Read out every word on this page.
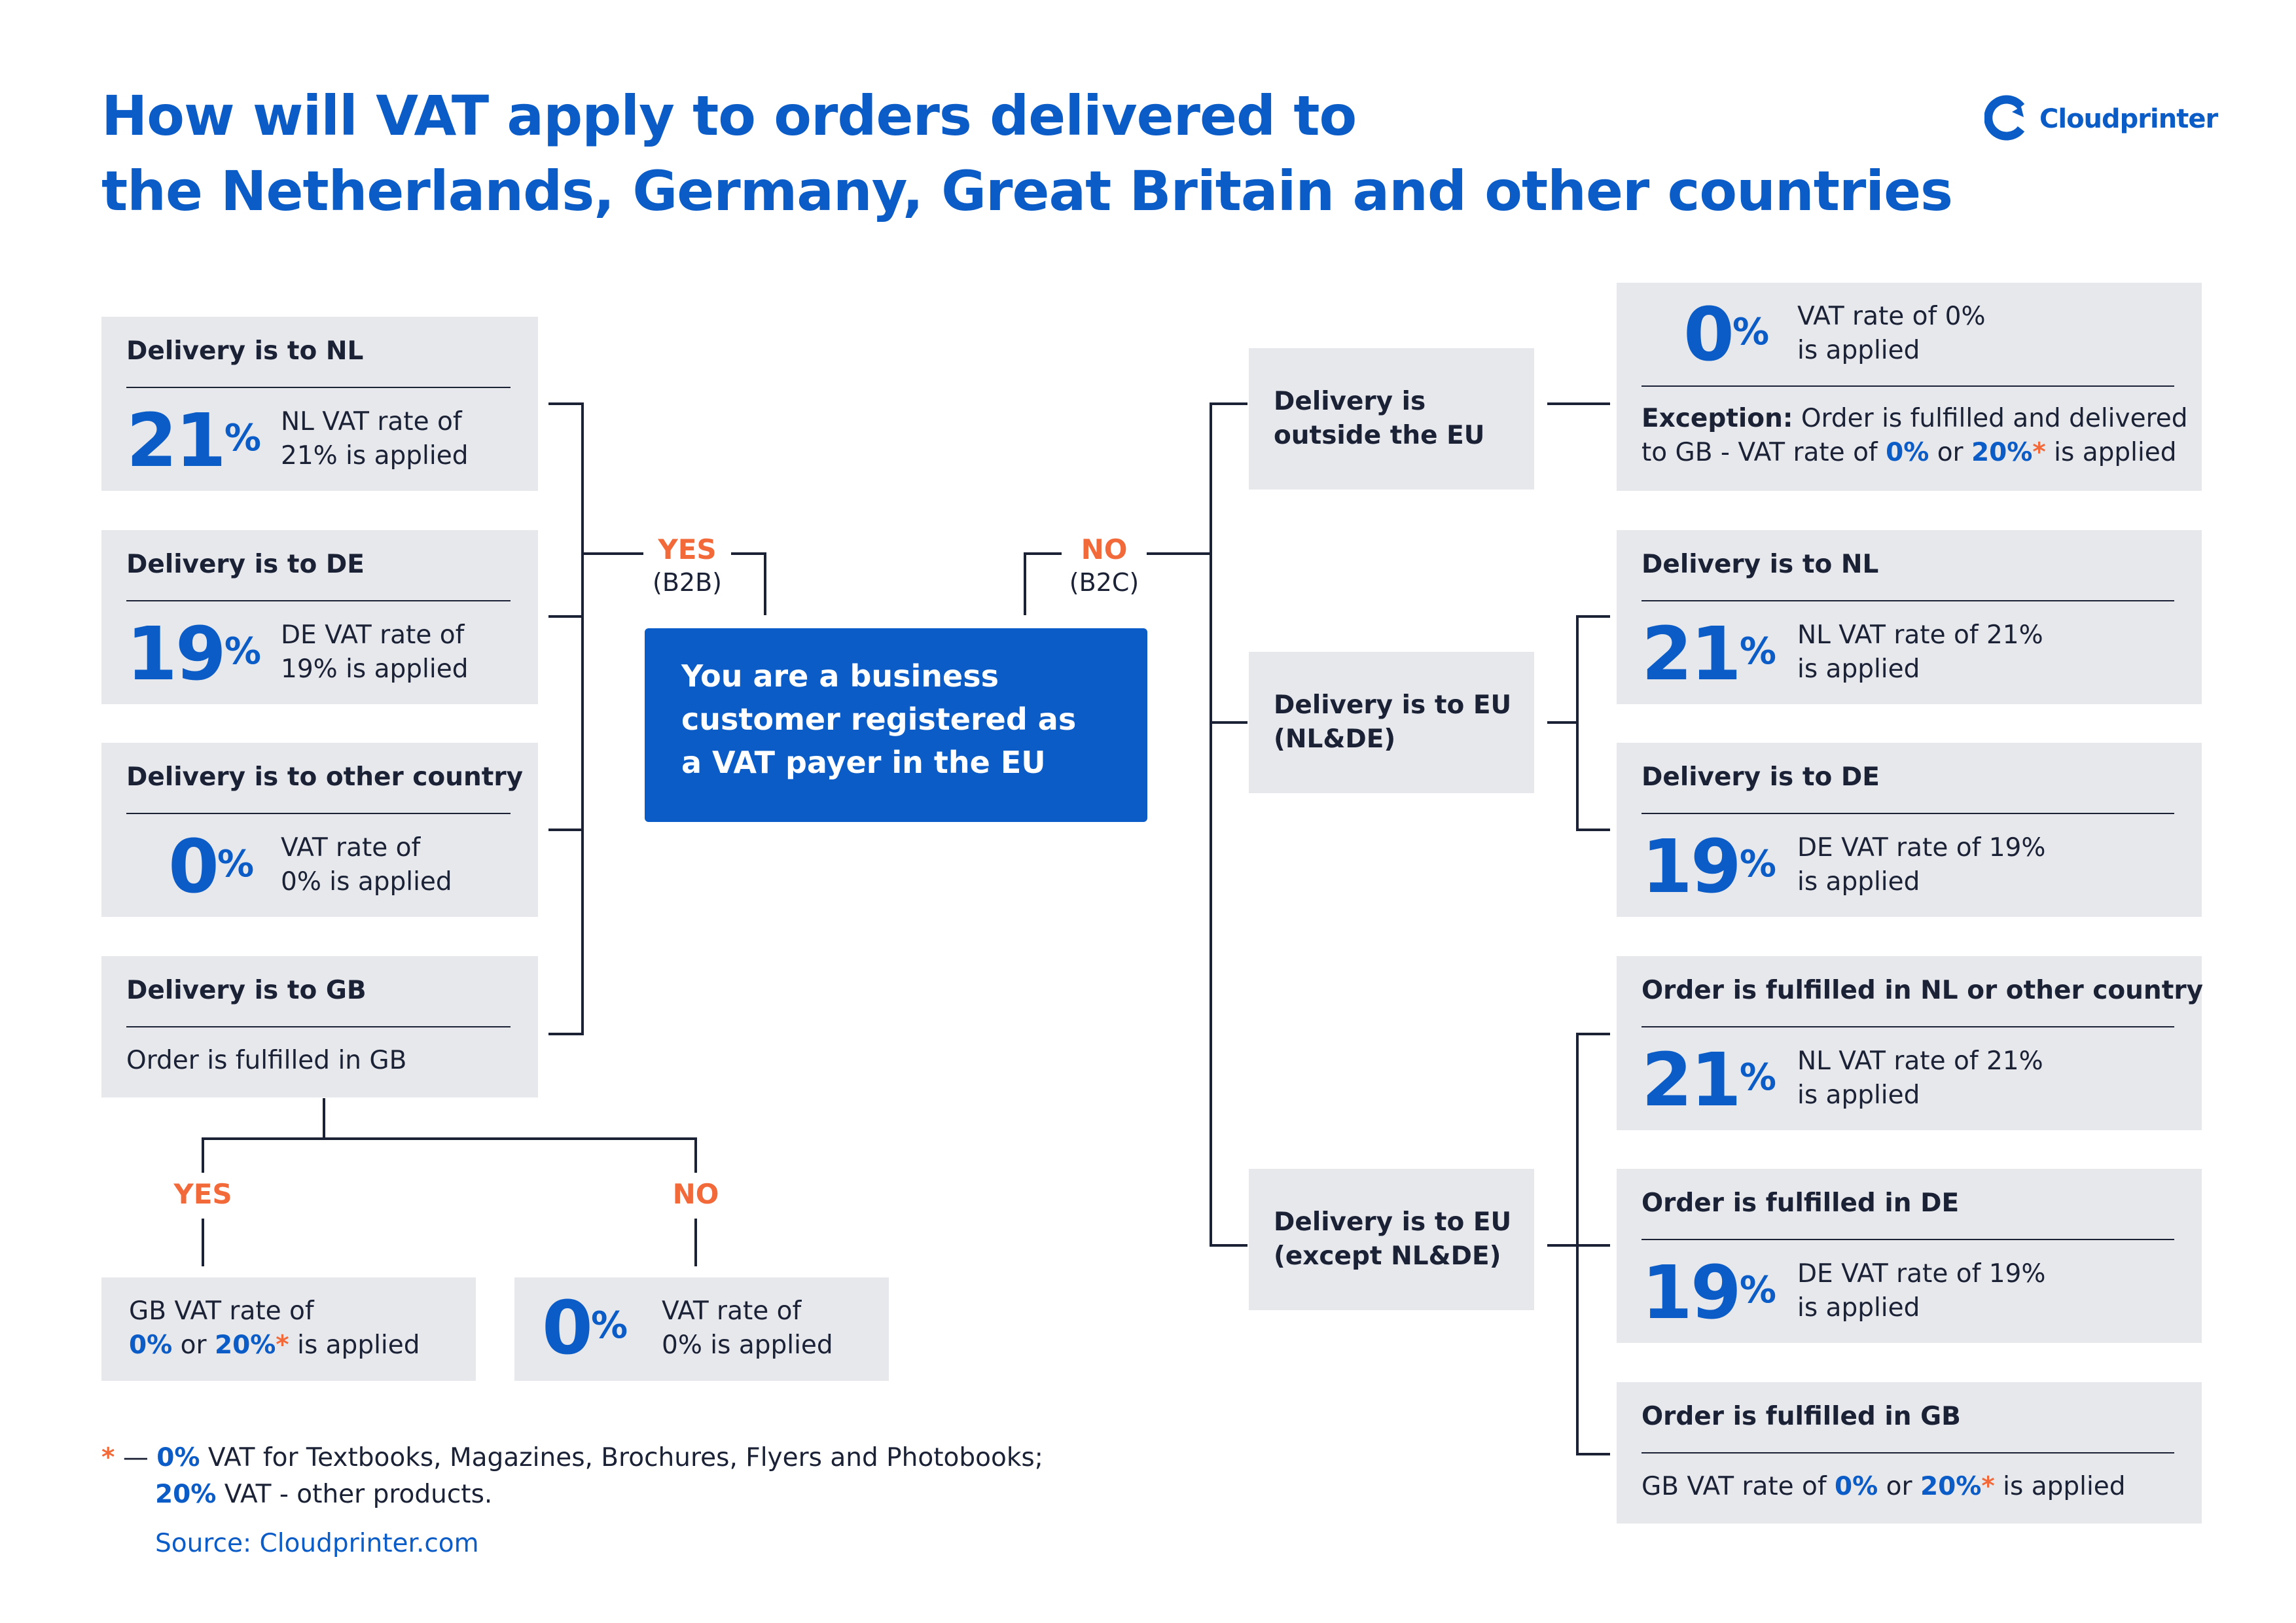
How will VAT apply to orders delivered to
the Netherlands, Germany, Great Britain and other countries
Cloudprinter
Delivery is to NL
21% NL VAT rate of
21% is applied
Delivery is to DE
19% DE VAT rate of
19% is applied
Delivery is to other country
0% VAT rate of
0% is applied
Delivery is to GB
Order is fulfilled in GB
YES	NO
GB VAT rate of
0% or 20%* is applied 0% VAT rate of
0% is applied
YES
(B2B)
NO
(B2C)
You are a business
customer registered as
a VAT payer in the EU
Delivery is
outside the EU
Delivery is to EU
(NL&DE)
Delivery is to EU
(except NL&DE)
0% VAT rate of 0%
is applied
Exception: Order is fulfilled and delivered
to GB - VAT rate of 0% or 20%* is applied
Delivery is to NL
21% NL VAT rate of 21%
is applied
Delivery is to DE
19% DE VAT rate of 19%
is applied
Order is fulfilled in NL or other country
21% NL VAT rate of 21%
is applied
Order is fulfilled in DE
19% DE VAT rate of 19%
is applied
Order is fulfilled in GB
GB VAT rate of 0% or 20%* is applied
* — 0% VAT for Textbooks, Magazines, Brochures, Flyers and Photobooks;
20% VAT - other products.
Source: Cloudprinter.com
